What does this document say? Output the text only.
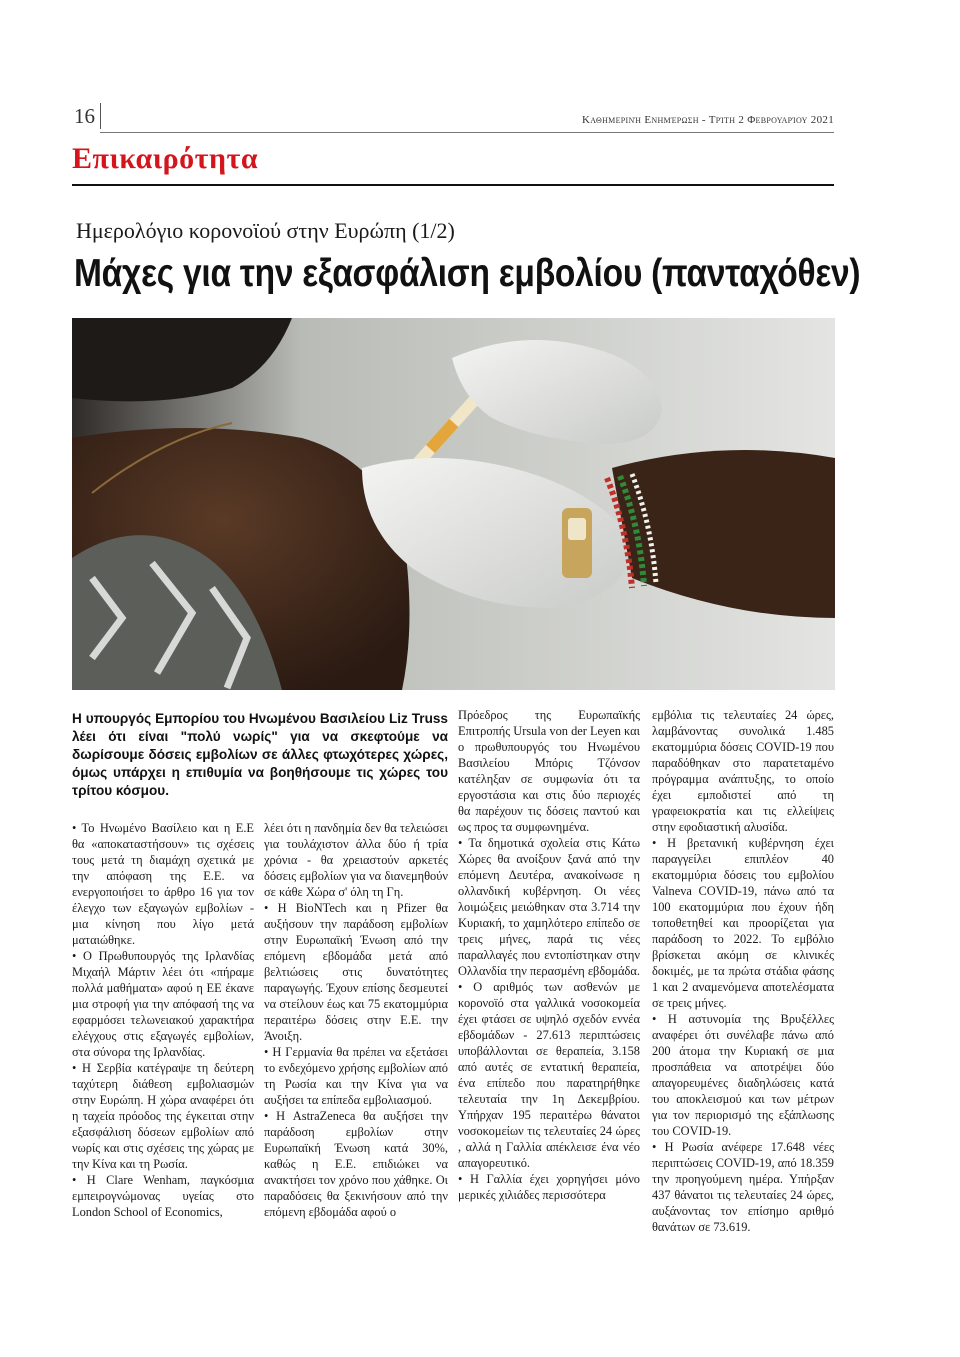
16	Καθημερινή Ενημέρωση - Τρίτη 2 Φεβρουαρίου 2021
Επικαιρότητα
Ημερολόγιο κορονοϊού στην Ευρώπη (1/2)
Μάχες για την εξασφάλιση εμβολίου (πανταχόθεν)
Η υπουργός Εμπορίου του Ηνωμένου Βασιλείου Liz Truss λέει ότι είναι "πολύ νωρίς" για να σκεφτούμε να δωρίσουμε δόσεις εμβολίων σε άλλες φτωχότερες χώρες, όμως υπάρχει η επιθυμία να βοηθήσουμε τις χώρες του τρίτου κόσμου.

• Το Ηνωμένο Βασίλειο και η Ε.Ε θα «αποκαταστήσουν» τις σχέσεις τους μετά τη διαμάχη σχετικά με την απόφαση της Ε.Ε. να ενεργοποιήσει το άρθρο 16 για τον έλεγχο των εξαγωγών εμβολίων - μια κίνηση που λίγο μετά ματαιώθηκε.

• Ο Πρωθυπουργός της Ιρλανδίας Μιχαήλ Μάρτιν λέει ότι «πήραμε πολλά μαθήματα» αφού η ΕΕ έκανε μια στροφή για την απόφασή της να εφαρμόσει τελωνειακού χαρακτήρα ελέγχους στις εξαγωγές εμβολίων, στα σύνορα της Ιρλανδίας.

• Η Σερβία κατέγραψε τη δεύτερη ταχύτερη διάθεση εμβολιασμών στην Ευρώπη. Η χώρα αναφέρει ότι η ταχεία πρόοδος της έγκειται στην εξασφάλιση δόσεων εμβολίων από νωρίς και στις σχέσεις της χώρας με την Κίνα και τη Ρωσία.

• Η Clare Wenham, παγκόσμια εμπειρογνώμονας υγείας στο London School of Economics,

λέει ότι η πανδημία δεν θα τελειώσει για τουλάχιστον άλλα δύο ή τρία χρόνια - θα χρειαστούν αρκετές δόσεις εμβολίων για να διανεμηθούν σε κάθε Χώρα σ' όλη τη Γη.

• Η BioNTech και η Pfizer θα αυξήσουν την παράδοση εμβολίων στην Ευρωπαϊκή Ένωση από την επόμενη εβδομάδα μετά από βελτιώσεις στις δυνατότητες παραγωγής. Έχουν επίσης δεσμευτεί να στείλουν έως και 75 εκατομμύρια περαιτέρω δόσεις στην Ε.Ε. την Άνοιξη.

• Η Γερμανία θα πρέπει να εξετάσει το ενδεχόμενο χρήσης εμβολίων από τη Ρωσία και την Κίνα για να αυξήσει τα επίπεδα εμβολιασμού.

• Η AstraZeneca θα αυξήσει την παράδοση εμβολίων στην Ευρωπαϊκή Ένωση κατά 30%, καθώς η Ε.Ε. επιδιώκει να ανακτήσει τον χρόνο που χάθηκε. Οι παραδόσεις θα ξεκινήσουν από την επόμενη εβδομάδα αφού ο

Πρόεδρος της Ευρωπαϊκής Επιτροπής Ursula von der Leyen και ο πρωθυπουργός του Ηνωμένου Βασιλείου Μπόρις Τζόνσον κατέληξαν σε συμφωνία ότι τα εργοστάσια και στις δύο περιοχές θα παρέχουν τις δόσεις παντού και ως προς τα συμφωνημένα.

• Τα δημοτικά σχολεία στις Κάτω Χώρες θα ανοίξουν ξανά από την επόμενη Δευτέρα, ανακοίνωσε η ολλανδική κυβέρνηση. Οι νέες λοιμώξεις μειώθηκαν στα 3.714 την Κυριακή, το χαμηλότερο επίπεδο σε τρεις μήνες, παρά τις νέες παραλλαγές που εντοπίστηκαν στην Ολλανδία την περασμένη εβδομάδα.

• Ο αριθμός των ασθενών με κορονοϊό στα γαλλικά νοσοκομεία έχει φτάσει σε υψηλό σχεδόν εννέα εβδομάδων - 27.613 περιπτώσεις υποβάλλονται σε θεραπεία, 3.158 από αυτές σε εντατική θεραπεία, ένα επίπεδο που παρατηρήθηκε τελευταία την 1η Δεκεμβρίου. Υπήρχαν 195 περαιτέρω θάνατοι νοσοκομείων τις τελευταίες 24 ώρες , αλλά η Γαλλία απέκλεισε ένα νέο απαγορευτικό.

• Η Γαλλία έχει χορηγήσει μόνο μερικές χιλιάδες περισσότερα

εμβόλια τις τελευταίες 24 ώρες, λαμβάνοντας συνολικά 1.485 εκατομμύρια δόσεις COVID-19 που παραδόθηκαν στο παρατεταμένο πρόγραμμα ανάπτυξης, το οποίο έχει εμποδιστεί από τη γραφειοκρατία και τις ελλείψεις στην εφοδιαστική αλυσίδα.

• Η βρετανική κυβέρνηση έχει παραγγείλει επιπλέον 40 εκατομμύρια δόσεις του εμβολίου Valneva COVID-19, πάνω από τα 100 εκατομμύρια που έχουν ήδη τοποθετηθεί και προορίζεται για παράδοση το 2022. Το εμβόλιο βρίσκεται ακόμη σε κλινικές δοκιμές, με τα πρώτα στάδια φάσης 1 και 2 αναμενόμενα αποτελέσματα σε τρεις μήνες.

• Η αστυνομία της Βρυξέλλες αναφέρει ότι συνέλαβε πάνω από 200 άτομα την Κυριακή σε μια προσπάθεια να αποτρέψει δύο απαγορευμένες διαδηλώσεις κατά του αποκλεισμού και των μέτρων για τον περιορισμό της εξάπλωσης του COVID-19.

• Η Ρωσία ανέφερε 17.648 νέες περιπτώσεις COVID-19, από 18.359 την προηγούμενη ημέρα. Υπήρξαν 437 θάνατοι τις τελευταίες 24 ώρες, αυξάνοντας τον επίσημο αριθμό θανάτων σε 73.619.
